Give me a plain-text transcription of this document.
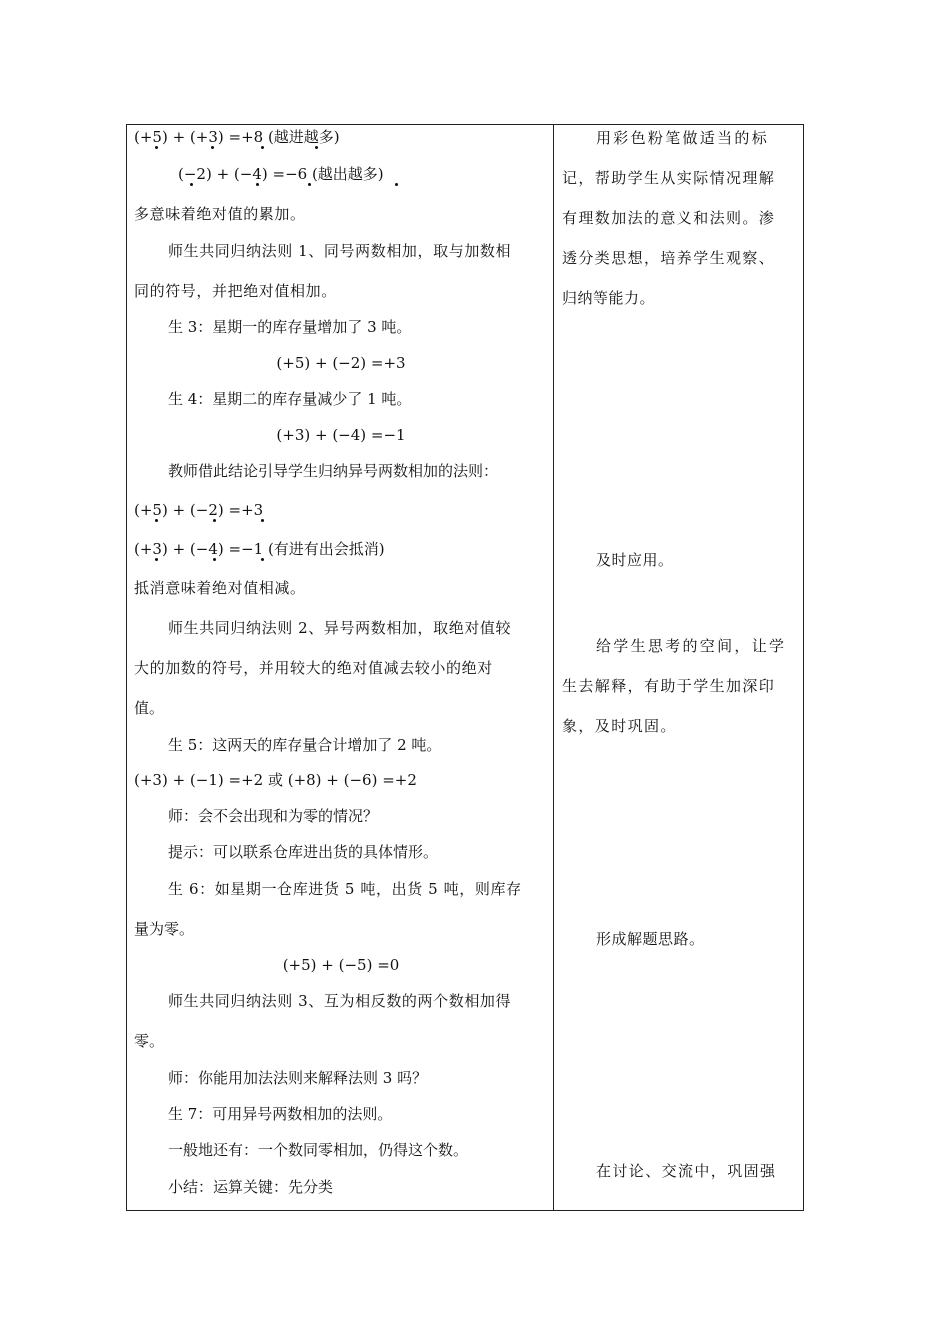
(+5) + (+3) =+8 (越进越多)
(−2) + (−4) =−6 (越出越多)
多意味着绝对值的累加。
师生共同归纳法则 1、同号两数相加，取与加数相
同的符号，并把绝对值相加。
生 3：星期一的库存量增加了 3 吨。
(+5) + (−2) =+3
生 4：星期二的库存量减少了 1 吨。
(+3) + (−4) =−1
教师借此结论引导学生归纳异号两数相加的法则：
(+5) + (−2) =+3
(+3) + (−4) =−1 (有进有出会抵消)
抵消意味着绝对值相减。
师生共同归纳法则 2、异号两数相加，取绝对值较
大的加数的符号，并用较大的绝对值减去较小的绝对
值。
生 5：这两天的库存量合计增加了 2 吨。
(+3) + (−1) =+2 或 (+8) + (−6) =+2
师：会不会出现和为零的情况？
提示：可以联系仓库进出货的具体情形。
生 6：如星期一仓库进货 5 吨，出货 5 吨，则库存
量为零。
(+5) + (−5) =0
师生共同归纳法则 3、互为相反数的两个数相加得
零。
师：你能用加法法则来解释法则 3 吗？
生 7：可用异号两数相加的法则。
一般地还有：一个数同零相加，仍得这个数。
小结：运算关键：先分类
用彩色粉笔做适当的标
记，帮助学生从实际情况理解
有理数加法的意义和法则。渗
透分类思想，培养学生观察、
归纳等能力。
及时应用。
给学生思考的空间，让学
生去解释，有助于学生加深印
象，及时巩固。
形成解题思路。
在讨论、交流中，巩固强
